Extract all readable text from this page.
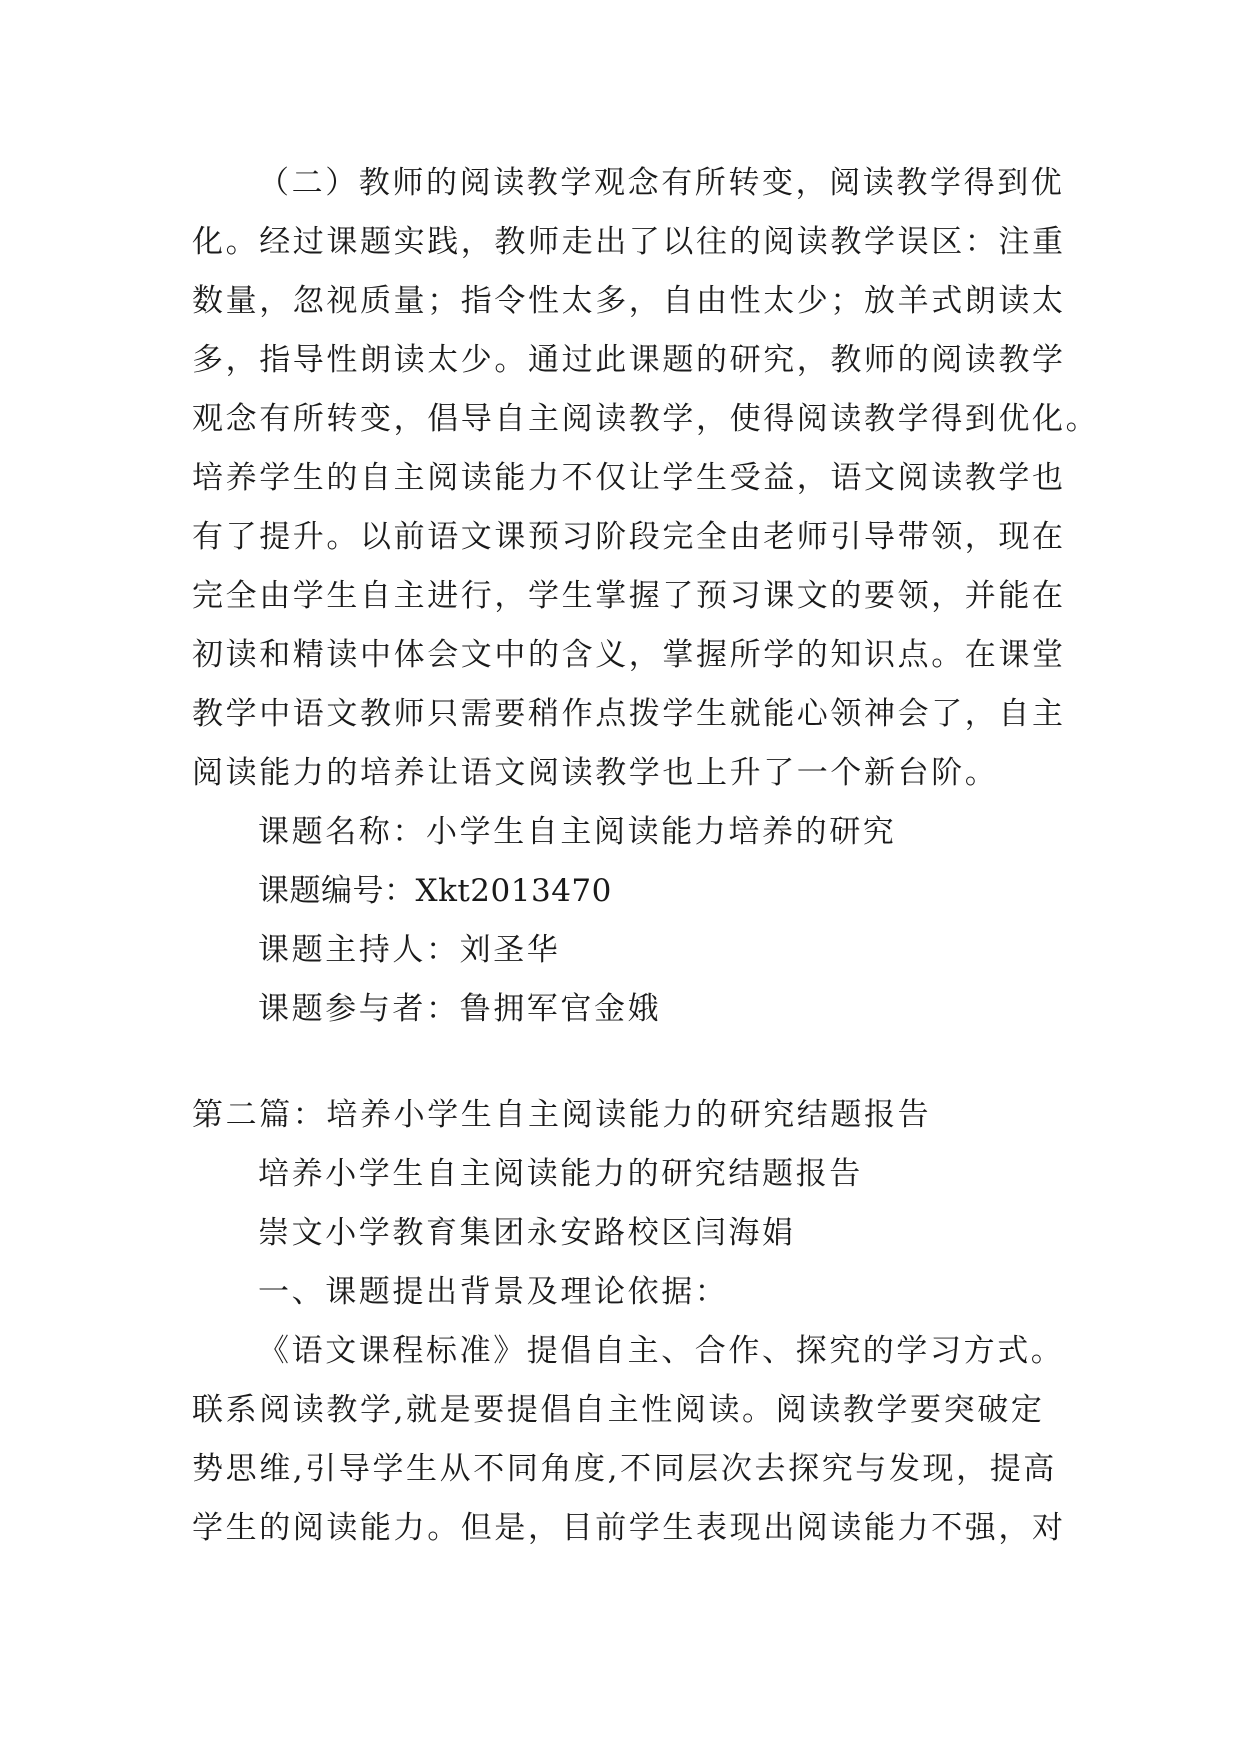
（二）教师的阅读教学观念有所转变，阅读教学得到优
化。经过课题实践，教师走出了以往的阅读教学误区：注重
数量，忽视质量；指令性太多，自由性太少；放羊式朗读太
多，指导性朗读太少。通过此课题的研究，教师的阅读教学
观念有所转变，倡导自主阅读教学，使得阅读教学得到优化。
培养学生的自主阅读能力不仅让学生受益，语文阅读教学也
有了提升。以前语文课预习阶段完全由老师引导带领，现在
完全由学生自主进行，学生掌握了预习课文的要领，并能在
初读和精读中体会文中的含义，掌握所学的知识点。在课堂
教学中语文教师只需要稍作点拨学生就能心领神会了，自主
阅读能力的培养让语文阅读教学也上升了一个新台阶。
课题名称：小学生自主阅读能力培养的研究
课题编号：Xkt2013470
课题主持人：刘圣华
课题参与者：鲁拥军官金娥
第二篇：培养小学生自主阅读能力的研究结题报告
培养小学生自主阅读能力的研究结题报告
崇文小学教育集团永安路校区闫海娟
一、课题提出背景及理论依据：
《语文课程标准》提倡自主、合作、探究的学习方式。
联系阅读教学,就是要提倡自主性阅读。阅读教学要突破定
势思维,引导学生从不同角度,不同层次去探究与发现，提高
学生的阅读能力。但是，目前学生表现出阅读能力不强，对
